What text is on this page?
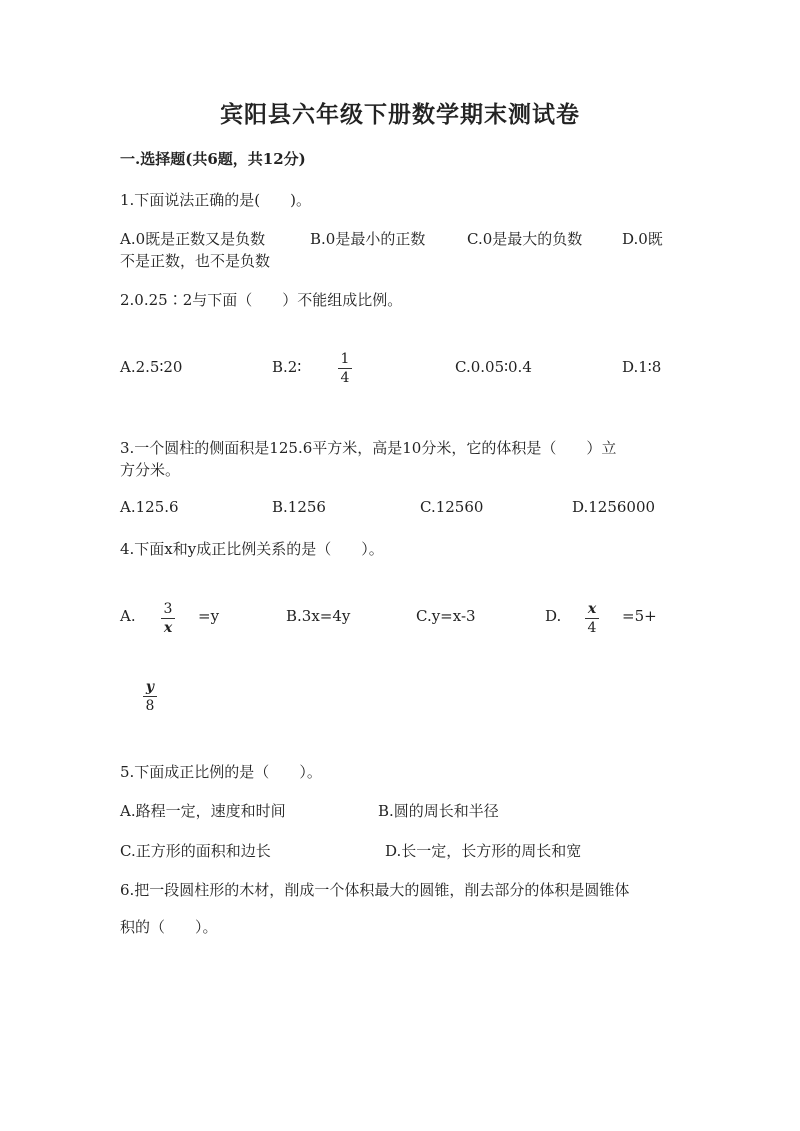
宾阳县六年级下册数学期末测试卷
一.选择题(共6题，共12分)
1.下面说法正确的是(　　)。
A.0既是正数又是负数	B.0是最小的正数	C.0是最大的负数	D.0既
不是正数，也不是负数
2.0.25∶2与下面（　　）不能组成比例。
A.2.5∶20	B.2∶	1
4
C.0.05∶0.4	D.1∶8
3.一个圆柱的侧面积是125.6平方米，高是10分米，它的体积是（　　）立
方分米。
A.125.6	B.1256	C.12560	D.1256000
4.下面x和y成正比例关系的是（　　）。
A. 3
x
=y	B.3x=4y	C.y=x-3	D. x
4
=5+
y
8
5.下面成正比例的是（　　）。
A.路程一定，速度和时间	B.圆的周长和半径
C.正方形的面积和边长	D.长一定，长方形的周长和宽
6.把一段圆柱形的木材，削成一个体积最大的圆锥，削去部分的体积是圆锥体
积的（　　）。
